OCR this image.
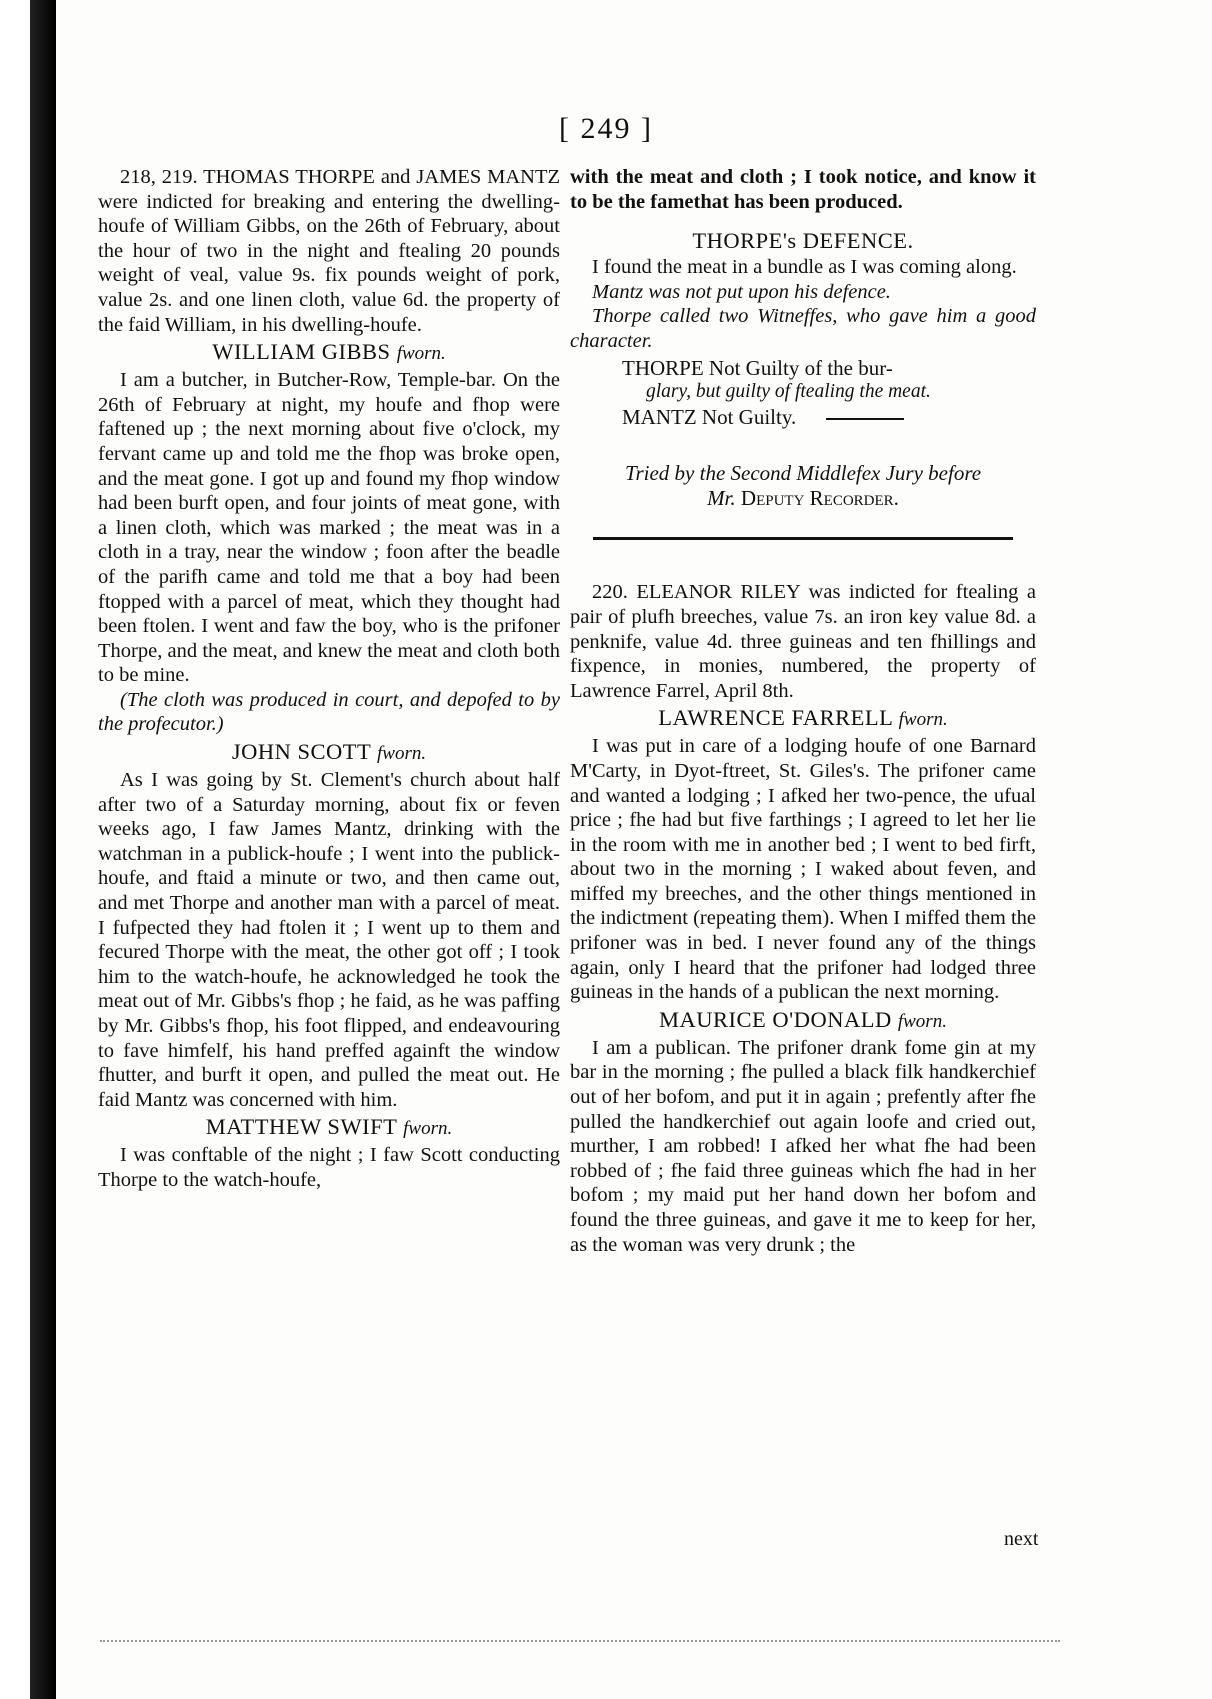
[ 249 ]

218, 219. THOMAS THORPE and JAMES MANTZ were indicted for breaking and entering the dwelling-houfe of William Gibbs, on the 26th of February, about the hour of two in the night and ftealing 20 pounds weight of veal, value 9s. fix pounds weight of pork, value 2s. and one linen cloth, value 6d. the property of the faid William, in his dwelling-houfe.

WILLIAM GIBBS fworn.

I am a butcher, in Butcher-Row, Temple-bar. On the 26th of February at night, my houfe and fhop were faftened up ; the next morning about five o'clock, my fervant came up and told me the fhop was broke open, and the meat gone. I got up and found my fhop window had been burft open, and four joints of meat gone, with a linen cloth, which was marked ; the meat was in a cloth in a tray, near the window ; foon after the beadle of the parifh came and told me that a boy had been ftopped with a parcel of meat, which they thought had been ftolen. I went and faw the boy, who is the prifoner Thorpe, and the meat, and knew the meat and cloth both to be mine.

(The cloth was produced in court, and depofed to by the profecutor.)

JOHN SCOTT fworn.

As I was going by St. Clement's church about half after two of a Saturday morning, about fix or feven weeks ago, I faw James Mantz, drinking with the watchman in a publick-houfe ; I went into the publick-houfe, and ftaid a minute or two, and then came out, and met Thorpe and another man with a parcel of meat. I fufpected they had ftolen it ; I went up to them and fecured Thorpe with the meat, the other got off ; I took him to the watch-houfe, he acknowledged he took the meat out of Mr. Gibbs's fhop ; he faid, as he was paffing by Mr. Gibbs's fhop, his foot flipped, and endeavouring to fave himfelf, his hand preffed againft the window fhutter, and burft it open, and pulled the meat out. He faid Mantz was concerned with him.

MATTHEW SWIFT fworn.

I was conftable of the night ; I faw Scott conducting Thorpe to the watch-houfe,

with the meat and cloth ; I took notice, and know it to be the famethat has been produced.

THORPE's DEFENCE.

I found the meat in a bundle as I was coming along.

Mantz was not put upon his defence.

Thorpe called two Witneffes, who gave him a good character.

THORPE Not Guilty of the bur-
glary, but guilty of ftealing the meat.
MANTZ Not Guilty.
Tried by the Second Middlefex Jury before
Mr. Deputy Recorder.

220. ELEANOR RILEY was indicted for ftealing a pair of plufh breeches, value 7s. an iron key value 8d. a penknife, value 4d. three guineas and ten fhillings and fixpence, in monies, numbered, the property of Lawrence Farrel, April 8th.

LAWRENCE FARRELL fworn.

I was put in care of a lodging houfe of one Barnard M'Carty, in Dyot-ftreet, St. Giles's. The prifoner came and wanted a lodging ; I afked her two-pence, the ufual price ; fhe had but five farthings ; I agreed to let her lie in the room with me in another bed ; I went to bed firft, about two in the morning ; I waked about feven, and miffed my breeches, and the other things mentioned in the indictment (repeating them). When I miffed them the prifoner was in bed. I never found any of the things again, only I heard that the prifoner had lodged three guineas in the hands of a publican the next morning.

MAURICE O'DONALD fworn.

I am a publican. The prifoner drank fome gin at my bar in the morning ; fhe pulled a black filk handkerchief out of her bofom, and put it in again ; prefently after fhe pulled the handkerchief out again loofe and cried out, murther, I am robbed! I afked her what fhe had been robbed of ; fhe faid three guineas which fhe had in her bofom ; my maid put her hand down her bofom and found the three guineas, and gave it me to keep for her, as the woman was very drunk ; the

next
